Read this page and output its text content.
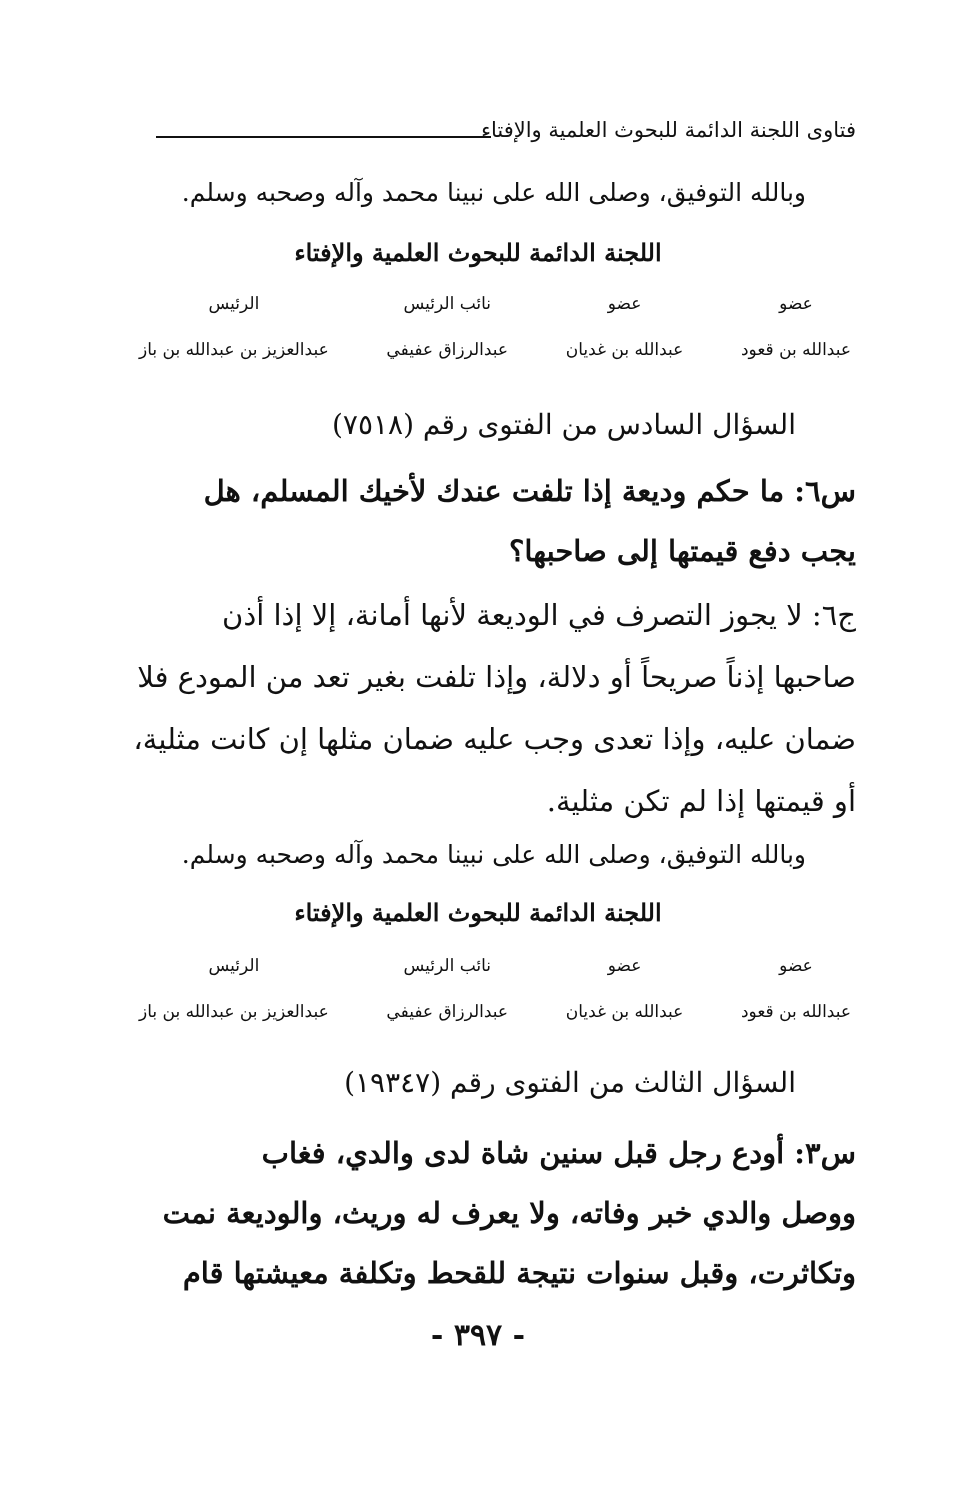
فتاوى اللجنة الدائمة للبحوث العلمية والإفتاء
وبالله التوفيق، وصلى الله على نبينا محمد وآله وصحبه وسلم.
اللجنة الدائمة للبحوث العلمية والإفتاء
عضو
عبدالله بن قعود
عضو
عبدالله بن غديان
نائب الرئيس
عبدالرزاق عفيفي
الرئيس
عبدالعزيز بن عبدالله بن باز
السؤال السادس من الفتوى رقم (٧٥١٨)
س٦: ما حكم وديعة إذا تلفت عندك لأخيك المسلم، هل
يجب دفع قيمتها إلى صاحبها؟
ج٦: لا يجوز التصرف في الوديعة لأنها أمانة، إلا إذا أذن
صاحبها إذناً صريحاً أو دلالة، وإذا تلفت بغير تعد من المودع فلا
ضمان عليه، وإذا تعدى وجب عليه ضمان مثلها إن كانت مثلية،
أو قيمتها إذا لم تكن مثلية.
وبالله التوفيق، وصلى الله على نبينا محمد وآله وصحبه وسلم.
اللجنة الدائمة للبحوث العلمية والإفتاء
عضو
عبدالله بن قعود
عضو
عبدالله بن غديان
نائب الرئيس
عبدالرزاق عفيفي
الرئيس
عبدالعزيز بن عبدالله بن باز
السؤال الثالث من الفتوى رقم (١٩٣٤٧)
س٣: أودع رجل قبل سنين شاة لدى والدي، فغاب
ووصل والدي خبر وفاته، ولا يعرف له وريث، والوديعة نمت
وتكاثرت، وقبل سنوات نتيجة للقحط وتكلفة معيشتها قام
- ٣٩٧ -
